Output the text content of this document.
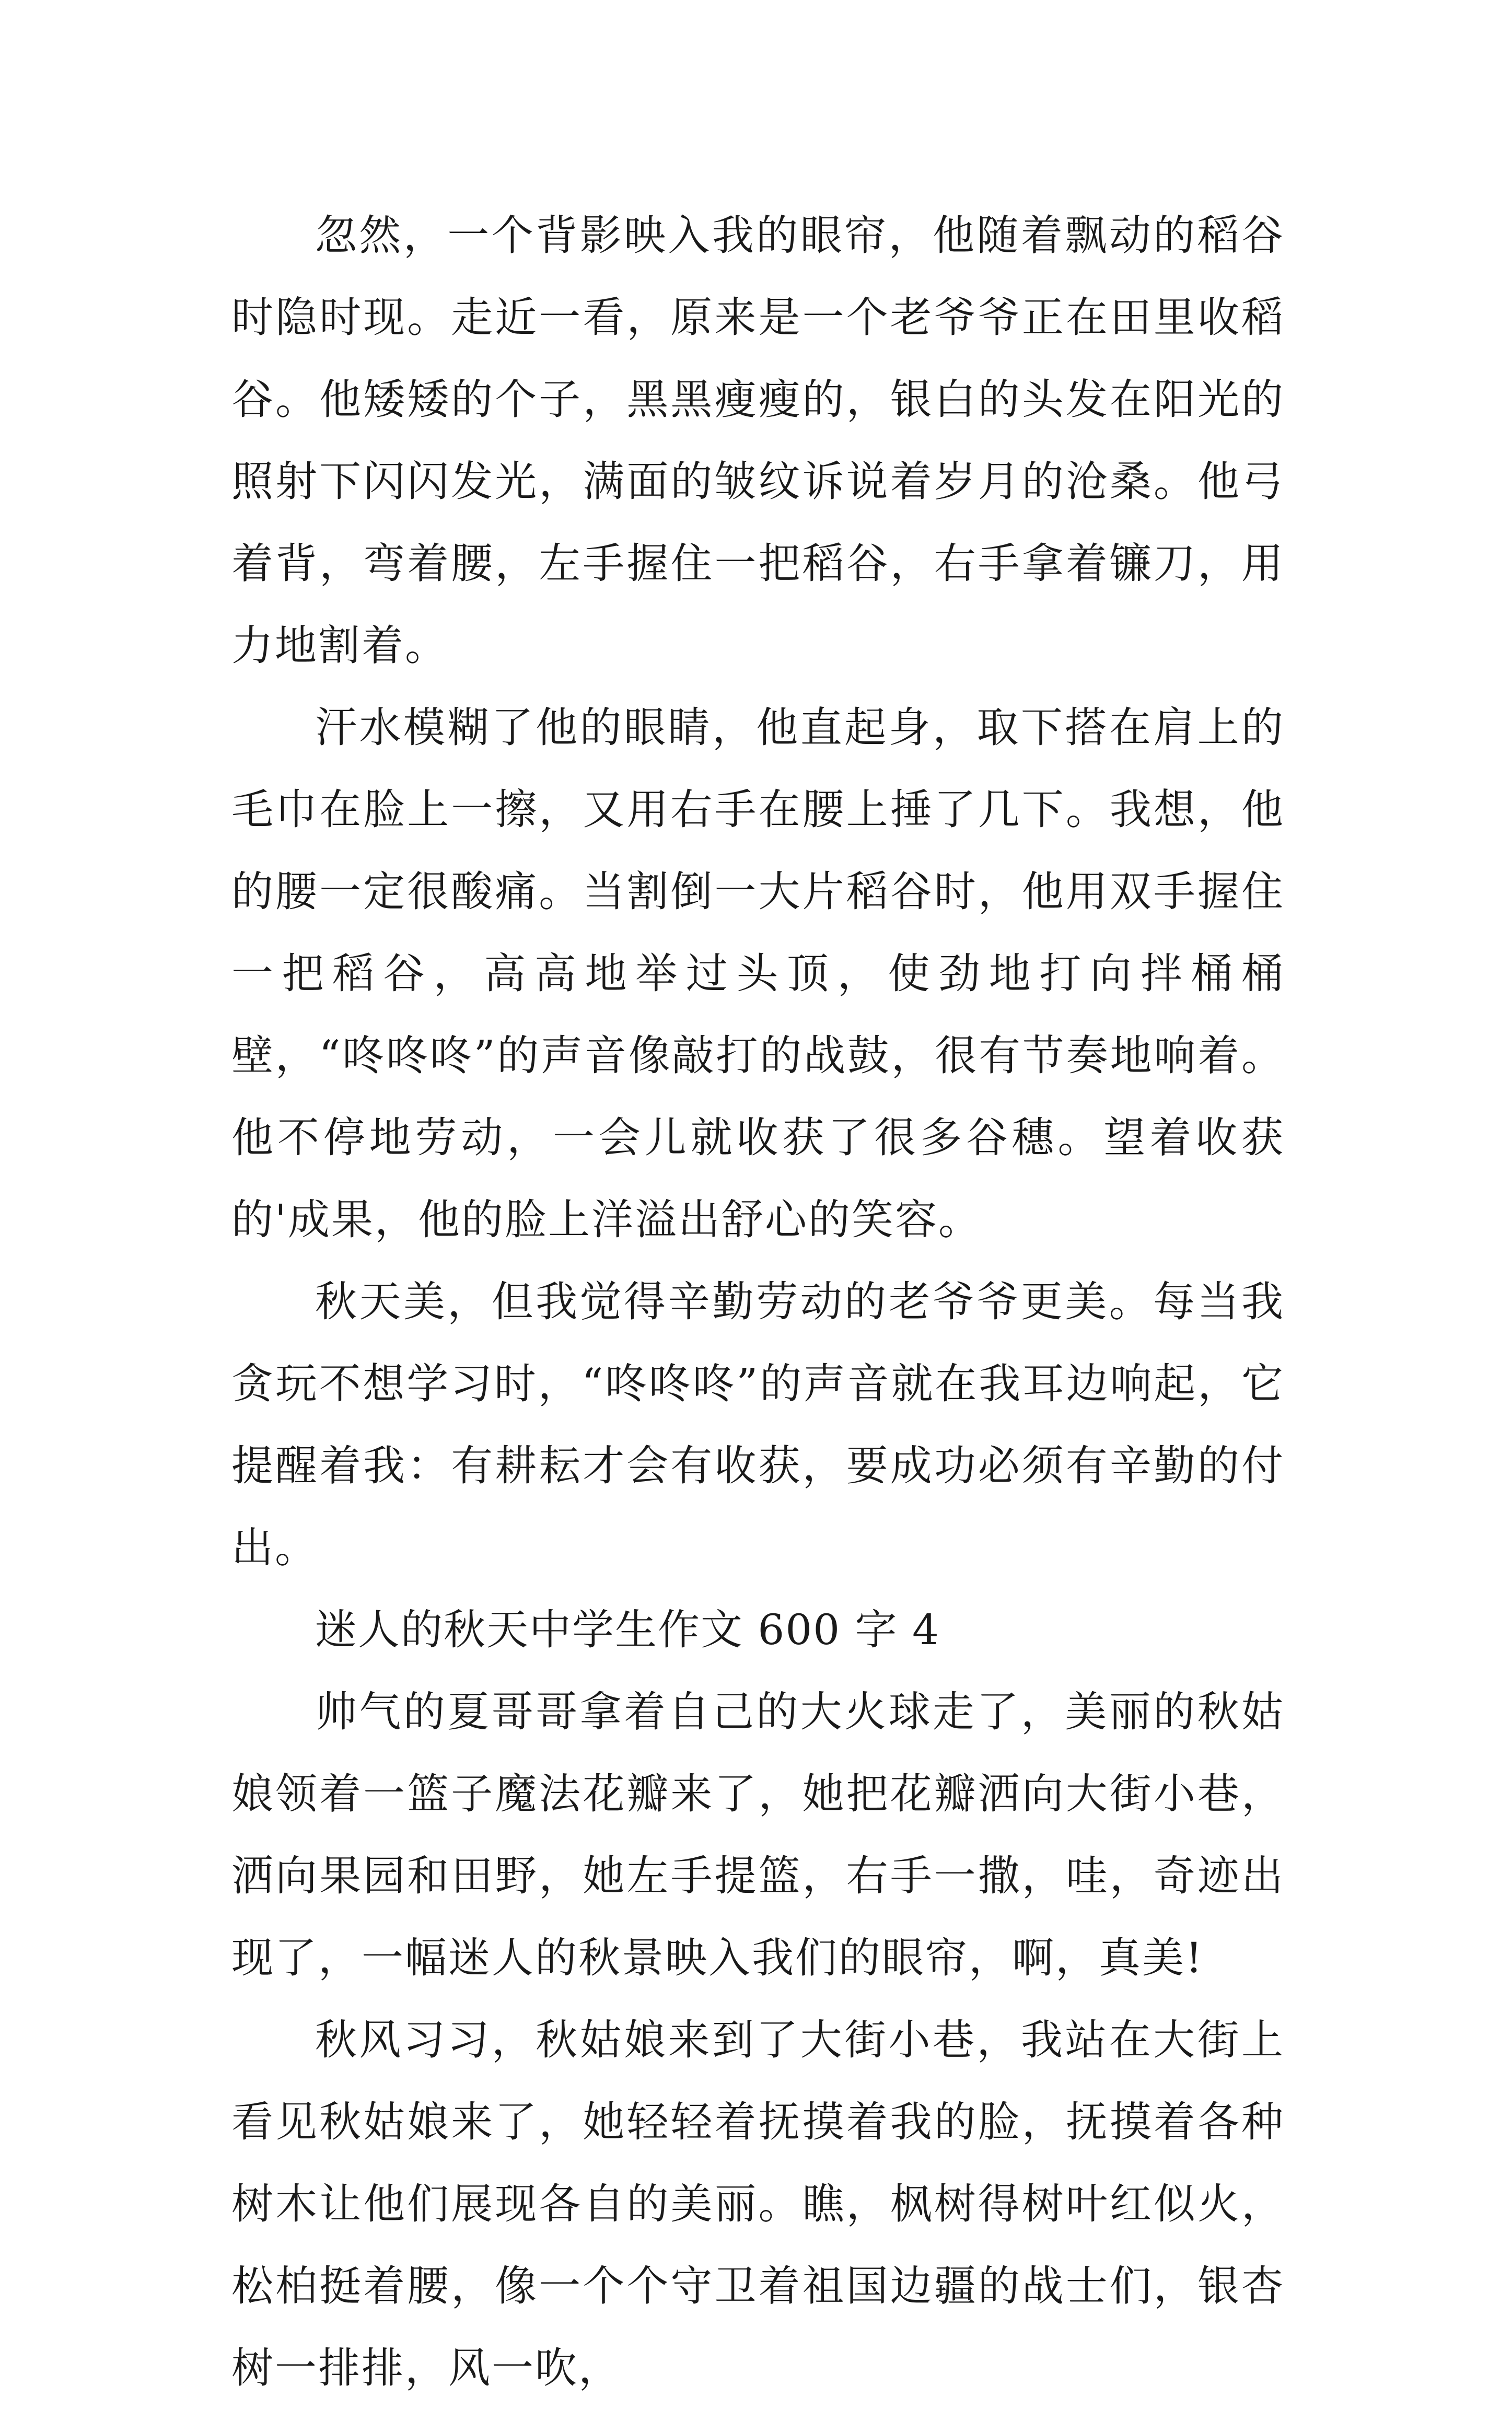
忽然，一个背影映入我的眼帘，他随着飘动的稻谷时隐时现。走近一看，原来是一个老爷爷正在田里收稻谷。他矮矮的个子，黑黑瘦瘦的，银白的头发在阳光的照射下闪闪发光，满面的皱纹诉说着岁月的沧桑。他弓着背，弯着腰，左手握住一把稻谷，右手拿着镰刀，用力地割着。

汗水模糊了他的眼睛，他直起身，取下搭在肩上的毛巾在脸上一擦，又用右手在腰上捶了几下。我想，他的腰一定很酸痛。当割倒一大片稻谷时，他用双手握住一把稻谷，高高地举过头顶，使劲地打向拌桶桶壁，“咚咚咚”的声音像敲打的战鼓，很有节奏地响着。他不停地劳动，一会儿就收获了很多谷穗。望着收获的'成果，他的脸上洋溢出舒心的笑容。

秋天美，但我觉得辛勤劳动的老爷爷更美。每当我贪玩不想学习时，“咚咚咚”的声音就在我耳边响起，它提醒着我：有耕耘才会有收获，要成功必须有辛勤的付出。

迷人的秋天中学生作文 600 字 4

帅气的夏哥哥拿着自己的大火球走了，美丽的秋姑娘领着一篮子魔法花瓣来了，她把花瓣洒向大街小巷，洒向果园和田野，她左手提篮，右手一撒，哇，奇迹出现了，一幅迷人的秋景映入我们的眼帘，啊，真美!

秋风习习，秋姑娘来到了大街小巷，我站在大街上看见秋姑娘来了，她轻轻着抚摸着我的脸，抚摸着各种树木让他们展现各自的美丽。瞧，枫树得树叶红似火，松柏挺着腰，像一个个守卫着祖国边疆的战士们，银杏树一排排，风一吹，
